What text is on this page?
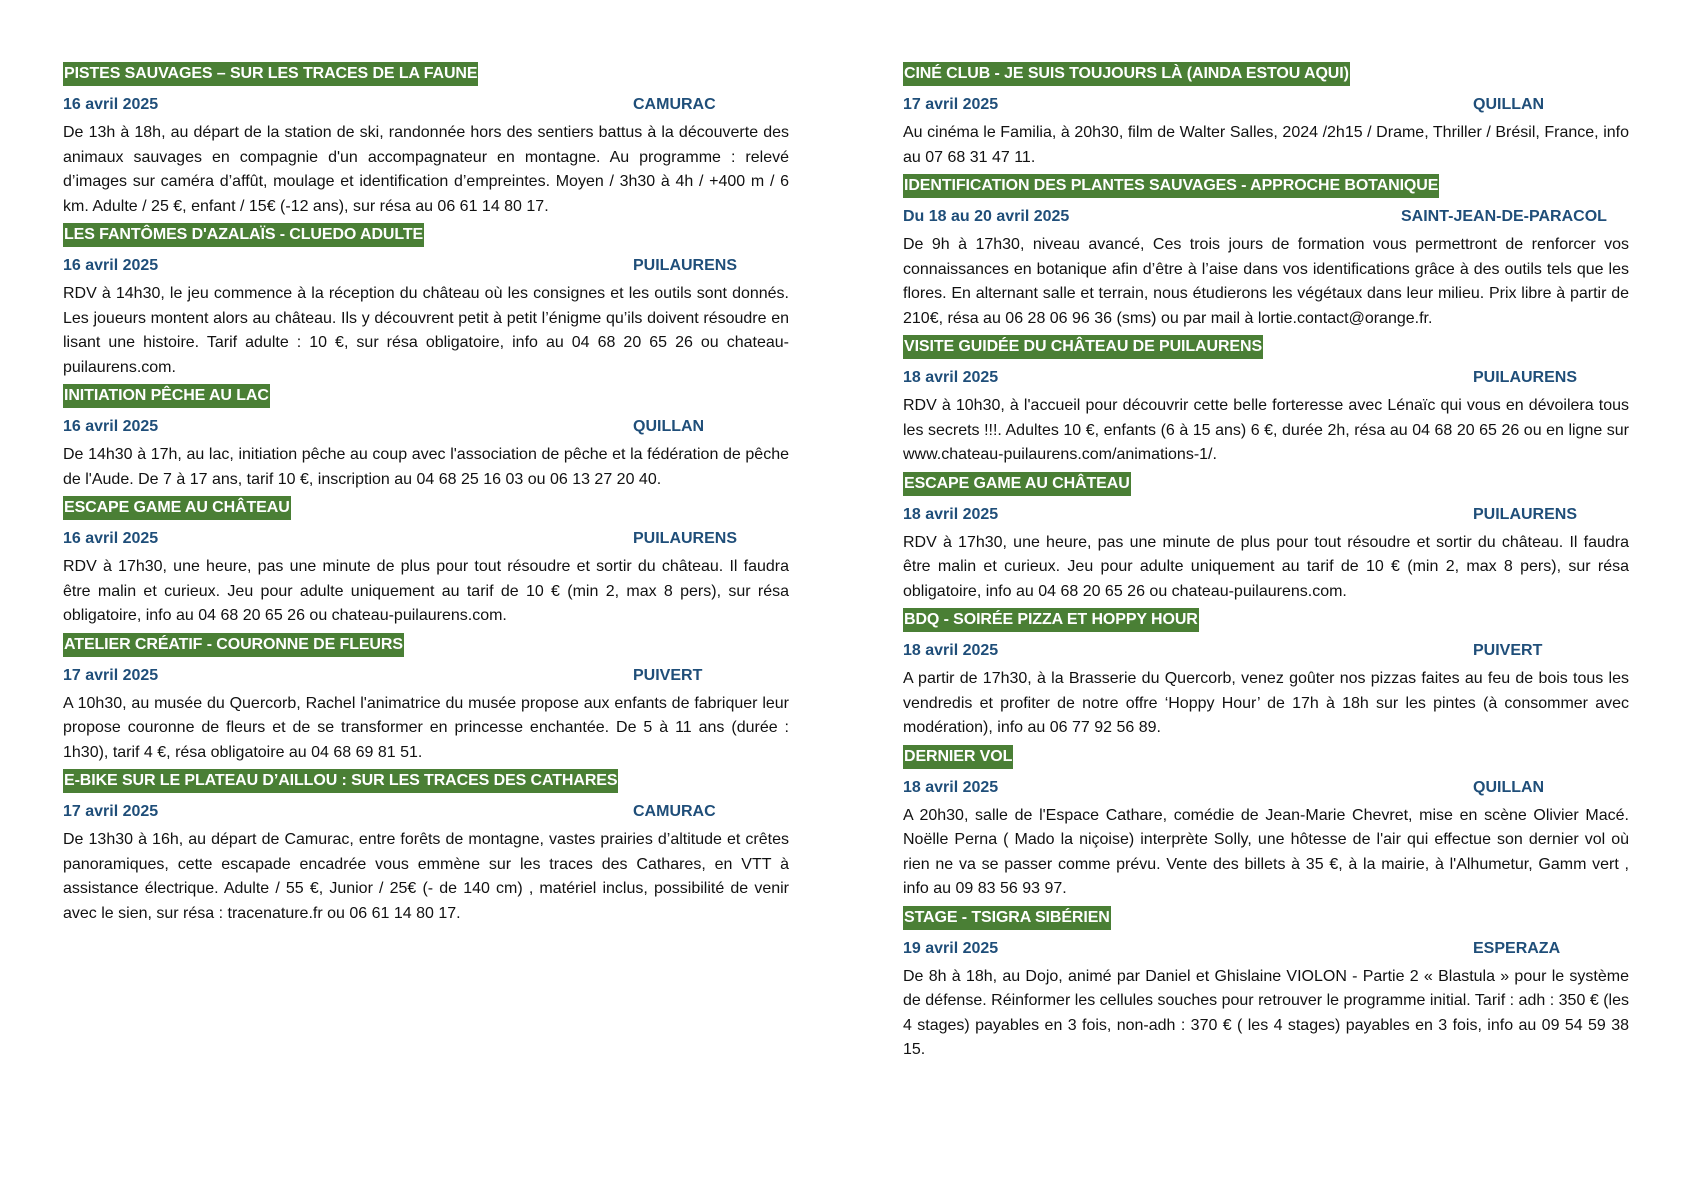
PISTES SAUVAGES – SUR LES TRACES DE LA FAUNE
16 avril 2025	CAMURAC

De 13h à 18h, au départ de la station de ski, randonnée hors des sentiers battus à la découverte des animaux sauvages en compagnie d'un accompagnateur en montagne. Au programme : relevé d’images sur caméra d’affût, moulage et identification d’empreintes. Moyen / 3h30 à 4h / +400 m / 6 km. Adulte / 25 €, enfant / 15€ (-12 ans), sur résa au 06 61 14 80 17.

LES FANTÔMES D'AZALAÏS - CLUEDO ADULTE
16 avril 2025	PUILAURENS

RDV à 14h30, le jeu commence à la réception du château où les consignes et les outils sont donnés. Les joueurs montent alors au château. Ils y découvrent petit à petit l’énigme qu’ils doivent résoudre en lisant une histoire. Tarif adulte : 10 €, sur résa obligatoire, info au 04 68 20 65 26 ou chateau-puilaurens.com.

INITIATION PÊCHE AU LAC
16 avril 2025	QUILLAN

De 14h30 à 17h, au lac, initiation pêche au coup avec l'association de pêche et la fédération de pêche de l'Aude. De 7 à 17 ans, tarif 10 €, inscription au 04 68 25 16 03 ou 06 13 27 20 40.

ESCAPE GAME AU CHÂTEAU
16 avril 2025	PUILAURENS

RDV à 17h30, une heure, pas une minute de plus pour tout résoudre et sortir du château. Il faudra être malin et curieux. Jeu pour adulte uniquement au tarif de 10 € (min 2, max 8 pers), sur résa obligatoire, info au 04 68 20 65 26 ou chateau-puilaurens.com.

ATELIER CRÉATIF - COURONNE DE FLEURS
17 avril 2025	PUIVERT

A 10h30, au musée du Quercorb, Rachel l'animatrice du musée propose aux enfants de fabriquer leur propose couronne de fleurs et de se transformer en princesse enchantée. De 5 à 11 ans (durée : 1h30), tarif 4 €, résa obligatoire au 04 68 69 81 51.

E-BIKE SUR LE PLATEAU D’AILLOU : SUR LES TRACES DES CATHARES
17 avril 2025	CAMURAC

De 13h30 à 16h, au départ de Camurac, entre forêts de montagne, vastes prairies d’altitude et crêtes panoramiques, cette escapade encadrée vous emmène sur les traces des Cathares, en VTT à assistance électrique. Adulte / 55 €, Junior / 25€ (- de 140 cm) , matériel inclus, possibilité de venir avec le sien, sur résa : tracenature.fr ou 06 61 14 80 17.

CINÉ CLUB - JE SUIS TOUJOURS LÀ (AINDA ESTOU AQUI)
17 avril 2025	QUILLAN

Au cinéma le Familia, à 20h30, film de Walter Salles, 2024 /2h15 / Drame, Thriller / Brésil, France, info au 07 68 31 47 11.

IDENTIFICATION DES PLANTES SAUVAGES - APPROCHE BOTANIQUE
Du 18 au 20 avril 2025	SAINT-JEAN-DE-PARACOL

De 9h à 17h30, niveau avancé, Ces trois jours de formation vous permettront de renforcer vos connaissances en botanique afin d’être à l’aise dans vos identifications grâce à des outils tels que les flores. En alternant salle et terrain, nous étudierons les végétaux dans leur milieu. Prix libre à partir de 210€, résa au 06 28 06 96 36 (sms) ou par mail à lortie.contact@orange.fr.

VISITE GUIDÉE DU CHÂTEAU DE PUILAURENS
18 avril 2025	PUILAURENS

RDV à 10h30, à l'accueil pour découvrir cette belle forteresse avec Lénaïc qui vous en dévoilera tous les secrets !!!. Adultes 10 €, enfants (6 à 15 ans) 6 €, durée 2h, résa au 04 68 20 65 26 ou en ligne sur www.chateau-puilaurens.com/animations-1/.

ESCAPE GAME AU CHÂTEAU
18 avril 2025	PUILAURENS

RDV à 17h30, une heure, pas une minute de plus pour tout résoudre et sortir du château. Il faudra être malin et curieux. Jeu pour adulte uniquement au tarif de 10 € (min 2, max 8 pers), sur résa obligatoire, info au 04 68 20 65 26 ou chateau-puilaurens.com.

BDQ - SOIRÉE PIZZA ET HOPPY HOUR
18 avril 2025	PUIVERT

A partir de 17h30, à la Brasserie du Quercorb, venez goûter nos pizzas faites au feu de bois tous les vendredis et profiter de notre offre ‘Hoppy Hour’ de 17h à 18h sur les pintes (à consommer avec modération), info au 06 77 92 56 89.

DERNIER VOL
18 avril 2025	QUILLAN

A 20h30, salle de l'Espace Cathare, comédie de Jean-Marie Chevret, mise en scène Olivier Macé. Noëlle Perna ( Mado la niçoise) interprète Solly, une hôtesse de l'air qui effectue son dernier vol où rien ne va se passer comme prévu. Vente des billets à 35 €, à la mairie, à l'Alhumetur, Gamm vert , info au 09 83 56 93 97.

STAGE - TSIGRA SIBÉRIEN
19 avril 2025	ESPERAZA

De 8h à 18h, au Dojo, animé par Daniel et Ghislaine VIOLON - Partie 2 « Blastula » pour le système de défense. Réinformer les cellules souches pour retrouver le programme initial. Tarif : adh : 350 € (les 4 stages) payables en 3 fois, non-adh : 370 € ( les 4 stages) payables en 3 fois, info au 09 54 59 38 15.
